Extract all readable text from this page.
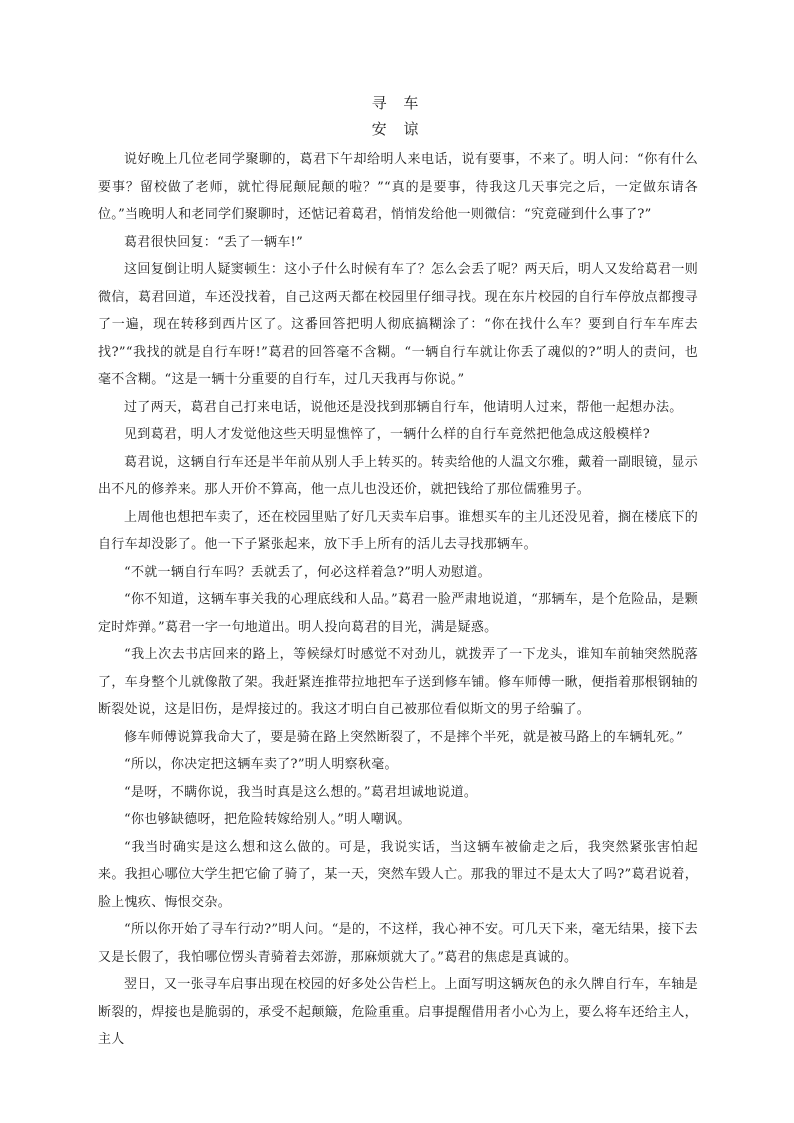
寻 车
安 谅

说好晚上几位老同学聚聊的，葛君下午却给明人来电话，说有要事，不来了。明人问：“你有什么要事？留校做了老师，就忙得屁颠屁颠的啦？”“真的是要事，待我这几天事完之后，一定做东请各位。”当晚明人和老同学们聚聊时，还惦记着葛君，悄悄发给他一则微信：“究竟碰到什么事了?”

葛君很快回复：“丢了一辆车!”

这回复倒让明人疑窦顿生：这小子什么时候有车了？怎么会丢了呢？两天后，明人又发给葛君一则微信，葛君回道，车还没找着，自己这两天都在校园里仔细寻找。现在东片校园的自行车停放点都搜寻了一遍，现在转移到西片区了。这番回答把明人彻底搞糊涂了：“你在找什么车？要到自行车车库去找?”“我找的就是自行车呀!”葛君的回答毫不含糊。“一辆自行车就让你丢了魂似的?”明人的责问，也毫不含糊。“这是一辆十分重要的自行车，过几天我再与你说。”

过了两天，葛君自己打来电话，说他还是没找到那辆自行车，他请明人过来，帮他一起想办法。

见到葛君，明人才发觉他这些天明显憔悴了，一辆什么样的自行车竟然把他急成这般模样?

葛君说，这辆自行车还是半年前从别人手上转买的。转卖给他的人温文尔雅，戴着一副眼镜，显示出不凡的修养来。那人开价不算高，他一点儿也没还价，就把钱给了那位儒雅男子。

上周他也想把车卖了，还在校园里贴了好几天卖车启事。谁想买车的主儿还没见着，搁在楼底下的自行车却没影了。他一下子紧张起来，放下手上所有的活儿去寻找那辆车。

“不就一辆自行车吗？丢就丢了，何必这样着急?”明人劝慰道。

“你不知道，这辆车事关我的心理底线和人品。”葛君一脸严肃地说道，“那辆车，是个危险品，是颗定时炸弹。”葛君一字一句地道出。明人投向葛君的目光，满是疑惑。

“我上次去书店回来的路上，等候绿灯时感觉不对劲儿，就拨弄了一下龙头，谁知车前轴突然脱落了，车身整个儿就像散了架。我赶紧连推带拉地把车子送到修车铺。修车师傅一瞅，便指着那根钢轴的断裂处说，这是旧伤，是焊接过的。我这才明白自己被那位看似斯文的男子给骗了。

修车师傅说算我命大了，要是骑在路上突然断裂了，不是摔个半死，就是被马路上的车辆轧死。”

“所以，你决定把这辆车卖了?”明人明察秋毫。

“是呀，不瞒你说，我当时真是这么想的。”葛君坦诚地说道。

“你也够缺德呀，把危险转嫁给别人。”明人嘲讽。

“我当时确实是这么想和这么做的。可是，我说实话，当这辆车被偷走之后，我突然紧张害怕起来。我担心哪位大学生把它偷了骑了，某一天，突然车毁人亡。那我的罪过不是太大了吗?”葛君说着，脸上愧疚、悔恨交杂。

“所以你开始了寻车行动?”明人问。“是的，不这样，我心神不安。可几天下来，毫无结果，接下去又是长假了，我怕哪位愣头青骑着去郊游，那麻烦就大了。”葛君的焦虑是真诚的。

翌日，又一张寻车启事出现在校园的好多处公告栏上。上面写明这辆灰色的永久牌自行车，车轴是断裂的，焊接也是脆弱的，承受不起颠簸，危险重重。启事提醒借用者小心为上，要么将车还给主人，主人
